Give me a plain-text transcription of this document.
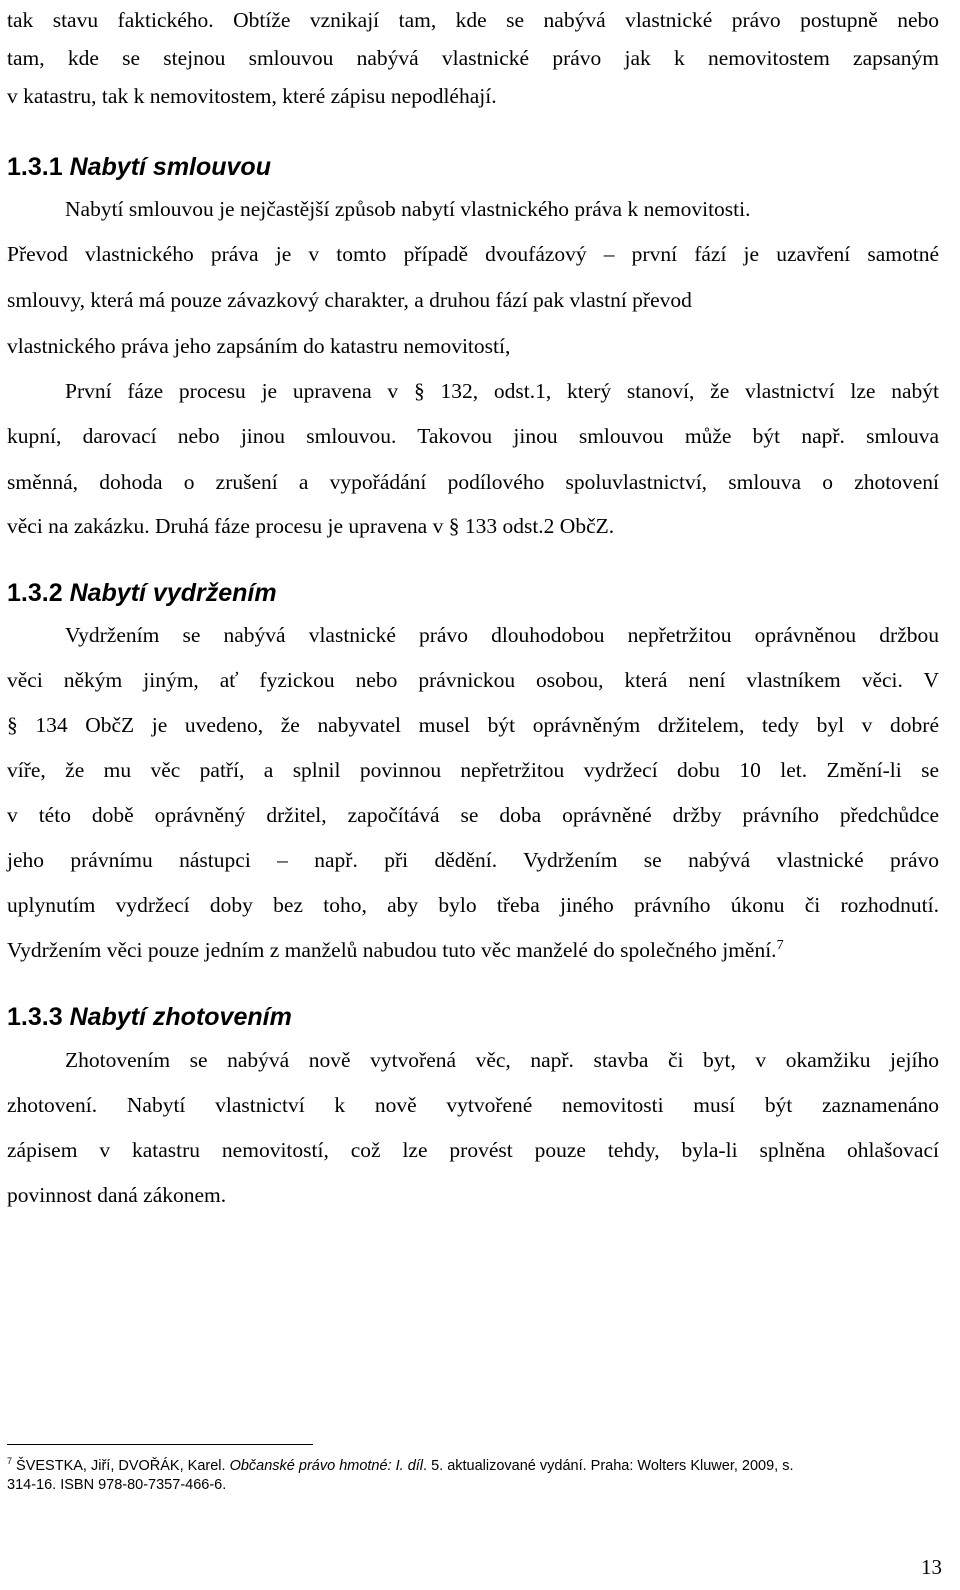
tak stavu faktického. Obtíže vznikají tam, kde se nabývá vlastnické právo postupně nebo
tam, kde se stejnou smlouvou nabývá vlastnické právo jak k nemovitostem zapsaným
v katastru, tak k nemovitostem, které zápisu nepodléhají.
1.3.1 Nabytí smlouvou
Nabytí smlouvou je nejčastější způsob nabytí vlastnického práva k nemovitosti.
Převod vlastnického práva je v tomto případě dvoufázový – první fází je uzavření samotné
smlouvy, která má pouze závazkový charakter, a druhou fází pak vlastní převod
vlastnického práva jeho zapsáním do katastru nemovitostí,
První fáze procesu je upravena v § 132, odst.1, který stanoví, že vlastnictví lze nabýt
kupní, darovací nebo jinou smlouvou. Takovou jinou smlouvou může být např. smlouva
směnná, dohoda o zrušení a vypořádání podílového spoluvlastnictví, smlouva o zhotovení
věci na zakázku. Druhá fáze procesu je upravena v § 133 odst.2 ObčZ.
1.3.2 Nabytí vydržením
Vydržením se nabývá vlastnické právo dlouhodobou nepřetržitou oprávněnou držbou
věci někým jiným, ať fyzickou nebo právnickou osobou, která není vlastníkem věci. V
§ 134 ObčZ je uvedeno, že nabyvatel musel být oprávněným držitelem, tedy byl v dobré
víře, že mu věc patří, a splnil povinnou nepřetržitou vydržecí dobu 10 let. Změní-li se
v této době oprávněný držitel, započítává se doba oprávněné držby právního předchůdce
jeho právnímu nástupci – např. při dědění. Vydržením se nabývá vlastnické právo
uplynutím vydržecí doby bez toho, aby bylo třeba jiného právního úkonu či rozhodnutí.
Vydržením věci pouze jedním z manželů nabudou tuto věc manželé do společného jmění.$^7$
1.3.3 Nabytí zhotovením
Zhotovením se nabývá nově vytvořená věc, např. stavba či byt, v okamžiku jejího
zhotovení. Nabytí vlastnictví k nově vytvořené nemovitosti musí být zaznamenáno
zápisem v katastru nemovitostí, což lze provést pouze tehdy, byla-li splněna ohlašovací
povinnost daná zákonem.
$^7$ ŠVESTKA, Jiří, DVOŘÁK, Karel. Občanské právo hmotné: I. díl. 5. aktualizované vydání. Praha: Wolters Kluwer, 2009, s.
314-16. ISBN 978-80-7357-466-6.
13
